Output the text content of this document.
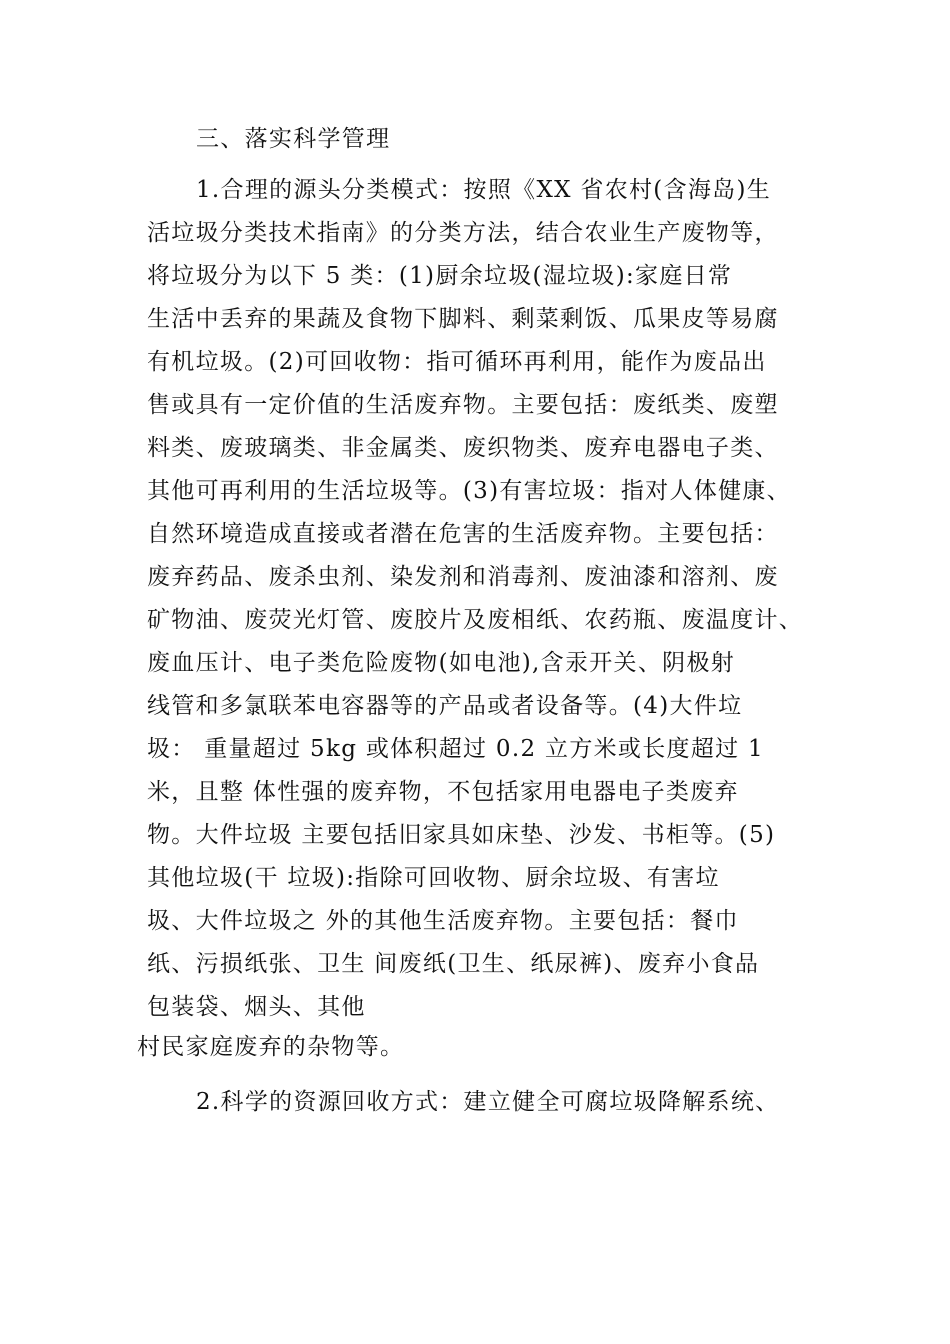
三、落实科学管理
1.合理的源头分类模式：按照《XX 省农村(含海岛)生
活垃圾分类技术指南》的分类方法，结合农业生产废物等，
将垃圾分为以下 5 类：(1)厨余垃圾(湿垃圾):家庭日常
生活中丢弃的果蔬及食物下脚料、剩菜剩饭、瓜果皮等易腐
有机垃圾。(2)可回收物：指可循环再利用，能作为废品出
售或具有一定价值的生活废弃物。主要包括：废纸类、废塑
料类、废玻璃类、非金属类、废织物类、废弃电器电子类、
其他可再利用的生活垃圾等。(3)有害垃圾：指对人体健康、
自然环境造成直接或者潜在危害的生活废弃物。主要包括：
废弃药品、废杀虫剂、染发剂和消毒剂、废油漆和溶剂、废
矿物油、废荧光灯管、废胶片及废相纸、农药瓶、废温度计、
废血压计、电子类危险废物(如电池),含汞开关、阴极射
线管和多氯联苯电容器等的产品或者设备等。(4)大件垃
圾： 重量超过 5kg 或体积超过 0.2 立方米或长度超过 1
米，且整 体性强的废弃物，不包括家用电器电子类废弃
物。大件垃圾 主要包括旧家具如床垫、沙发、书柜等。(5)
其他垃圾(干 垃圾):指除可回收物、厨余垃圾、有害垃
圾、大件垃圾之 外的其他生活废弃物。主要包括：餐巾
纸、污损纸张、卫生 间废纸(卫生、纸尿裤)、废弃小食品
包装袋、烟头、其他
村民家庭废弃的杂物等。
2.科学的资源回收方式：建立健全可腐垃圾降解系统、
